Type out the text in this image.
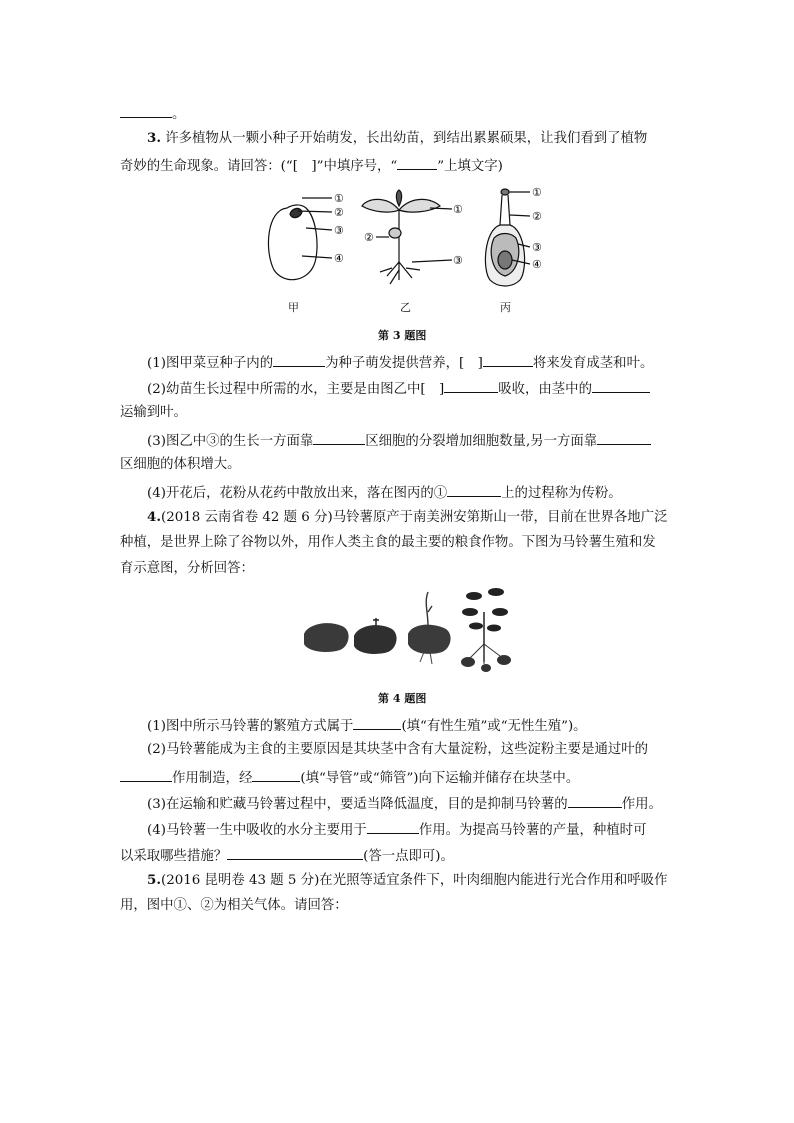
。
3. 许多植物从一颗小种子开始萌发，长出幼苗，到结出累累硕果，让我们看到了植物
奇妙的生命现象。请回答：(“[　]”中填序号，“	”上填文字)
①
②
③
④
①
②
③
①
②
③
④
甲	乙	丙
第 3 题图
(1)图甲菜豆种子内的	为种子萌发提供营养，[　]	将来发育成茎和叶。
(2)幼苗生长过程中所需的水，主要是由图乙中[　]	吸收，由茎中的
运输到叶。
(3)图乙中③的生长一方面靠	区细胞的分裂增加细胞数量,另一方面靠
区细胞的体积增大。
(4)开花后，花粉从花药中散放出来，落在图丙的①	上的过程称为传粉。
4.(2018 云南省卷 42 题 6 分)马铃薯原产于南美洲安第斯山一带，目前在世界各地广泛
种植，是世界上除了谷物以外，用作人类主食的最主要的粮食作物。下图为马铃薯生殖和发
育示意图，分析回答：
第 4 题图
(1)图中所示马铃薯的繁殖方式属于	(填“有性生殖”或“无性生殖”)。
(2)马铃薯能成为主食的主要原因是其块茎中含有大量淀粉，这些淀粉主要是通过叶的
作用制造，经	(填“导管”或“筛管”)向下运输并储存在块茎中。
(3)在运输和贮藏马铃薯过程中，要适当降低温度，目的是抑制马铃薯的	作用。
(4)马铃薯一生中吸收的水分主要用于	作用。为提高马铃薯的产量，种植时可
以采取哪些措施？	(答一点即可)。
5.(2016 昆明卷 43 题 5 分)在光照等适宜条件下，叶肉细胞内能进行光合作用和呼吸作
用，图中①、②为相关气体。请回答：
